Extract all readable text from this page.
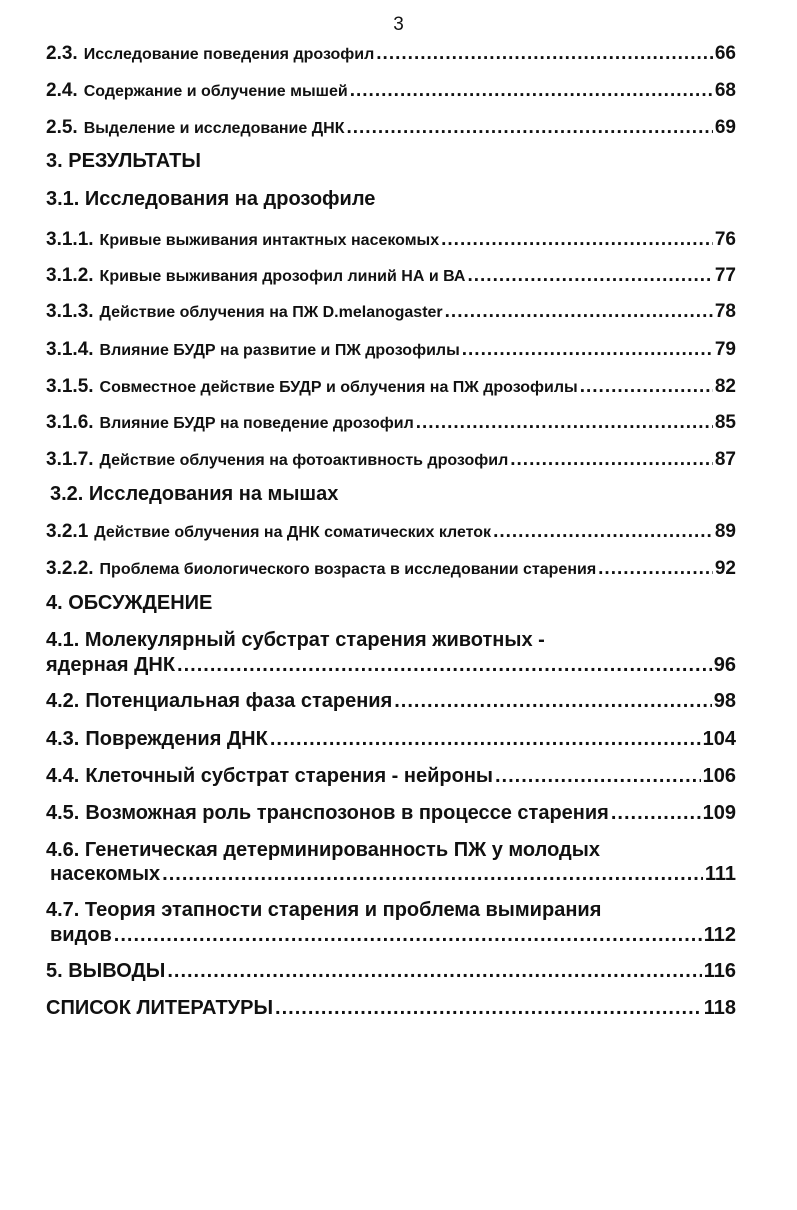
3
2.3. Исследование поведения дрозофил .....	66
2.4. Содержание и облучение мышей .....	68
2.5. Выделение и исследование ДНК .....	69
3. РЕЗУЛЬТАТЫ
3.1. Исследования на дрозофиле
3.1.1. Кривые выживания интактных насекомых .....	76
3.1.2. Кривые выживания дрозофил линий НА и ВА .....	77
3.1.3. Действие облучения на ПЖ D.melanogaster .....	78
3.1.4. Влияние БУДР на развитие и ПЖ дрозофилы .....	79
3.1.5. Совместное действие БУДР и облучения на ПЖ дрозофилы .....	82
3.1.6. Влияние БУДР на поведение дрозофил .....	85
3.1.7. Действие облучения на фотоактивность дрозофил .....	87
3.2. Исследования на мышах
3.2.1 Действие облучения на ДНК соматических клеток .....	89
3.2.2. Проблема биологического возраста в исследовании старения .....	92
4. ОБСУЖДЕНИЕ
4.1. Молекулярный субстрат старения животных -
ядерная ДНК .....	96
4.2. Потенциальная фаза старения .....	98
4.3. Повреждения ДНК .....	104
4.4. Клеточный субстрат старения - нейроны .....	106
4.5. Возможная роль транспозонов в процессе старения .....	109
4.6. Генетическая детерминированность ПЖ у молодых
насекомых .....	111
4.7. Теория этапности старения и проблема вымирания
видов .....	112
5. ВЫВОДЫ .....	116
СПИСОК ЛИТЕРАТУРЫ .....	118
